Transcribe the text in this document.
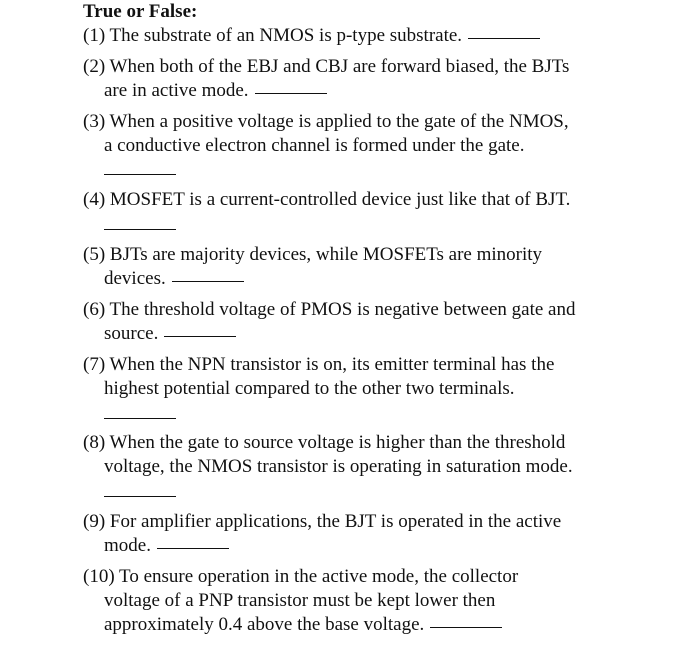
True or False:
(1) The substrate of an NMOS is p-type substrate.
(2) When both of the EBJ and CBJ are forward biased, the BJTs
are in active mode.
(3) When a positive voltage is applied to the gate of the NMOS,
a conductive electron channel is formed under the gate.
(4) MOSFET is a current-controlled device just like that of BJT.
(5) BJTs are majority devices, while MOSFETs are minority
devices.
(6) The threshold voltage of PMOS is negative between gate and
source.
(7) When the NPN transistor is on, its emitter terminal has the
highest potential compared to the other two terminals.
(8) When the gate to source voltage is higher than the threshold
voltage, the NMOS transistor is operating in saturation mode.
(9) For amplifier applications, the BJT is operated in the active
mode.
(10) To ensure operation in the active mode, the collector
voltage of a PNP transistor must be kept lower then
approximately 0.4 above the base voltage.
